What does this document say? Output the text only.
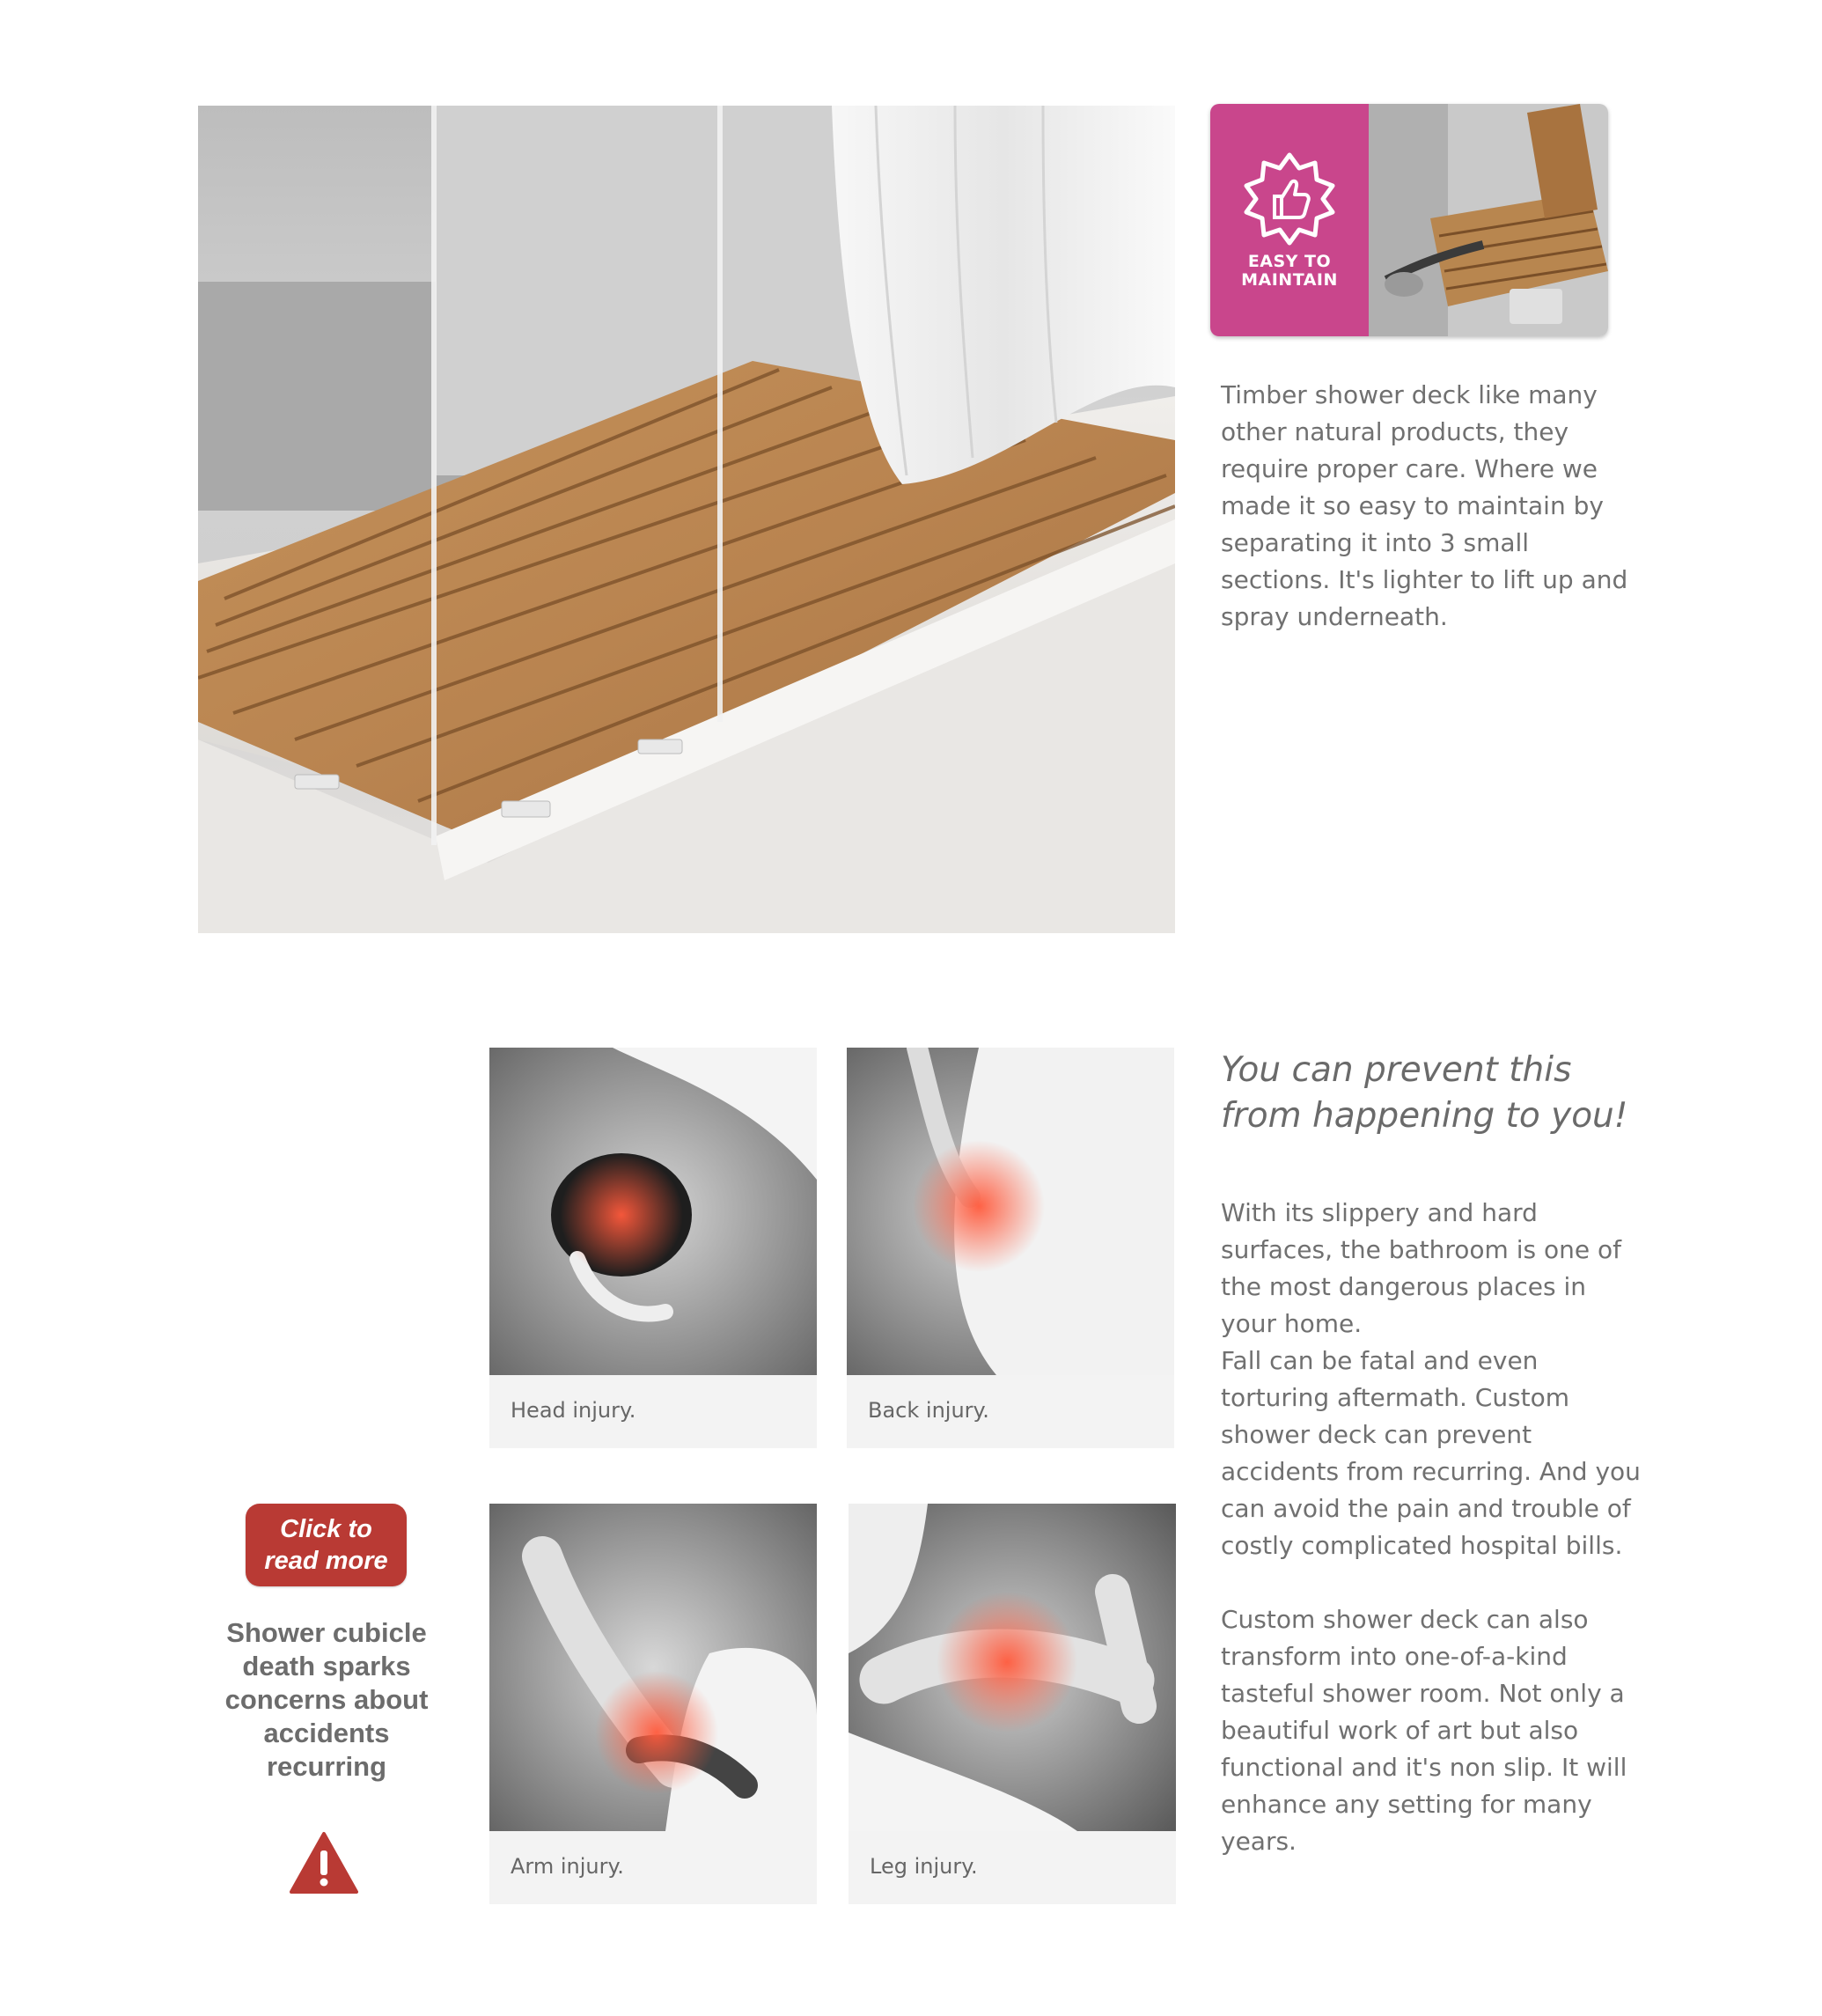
EASY TO
MAINTAIN

Timber shower deck like many other natural products, they require proper care. Where we made it so easy to maintain by separating it into 3 small sections. It's lighter to lift up and spray underneath.

Head injury.	Back injury.
Arm injury.	Leg injury.
You can prevent this from happening to you!

With its slippery and hard surfaces, the bathroom is one of the most dangerous places in your home.

Fall can be fatal and even torturing aftermath. Custom shower deck can prevent accidents from recurring. And you can avoid the pain and trouble of costly complicated hospital bills.

Custom shower deck can also transform into one-of-a-kind tasteful shower room. Not only a beautiful work of art but also functional and it's non slip. It will enhance any setting for many years.

Click to
read more

Shower cubicle death sparks concerns about accidents recurring
